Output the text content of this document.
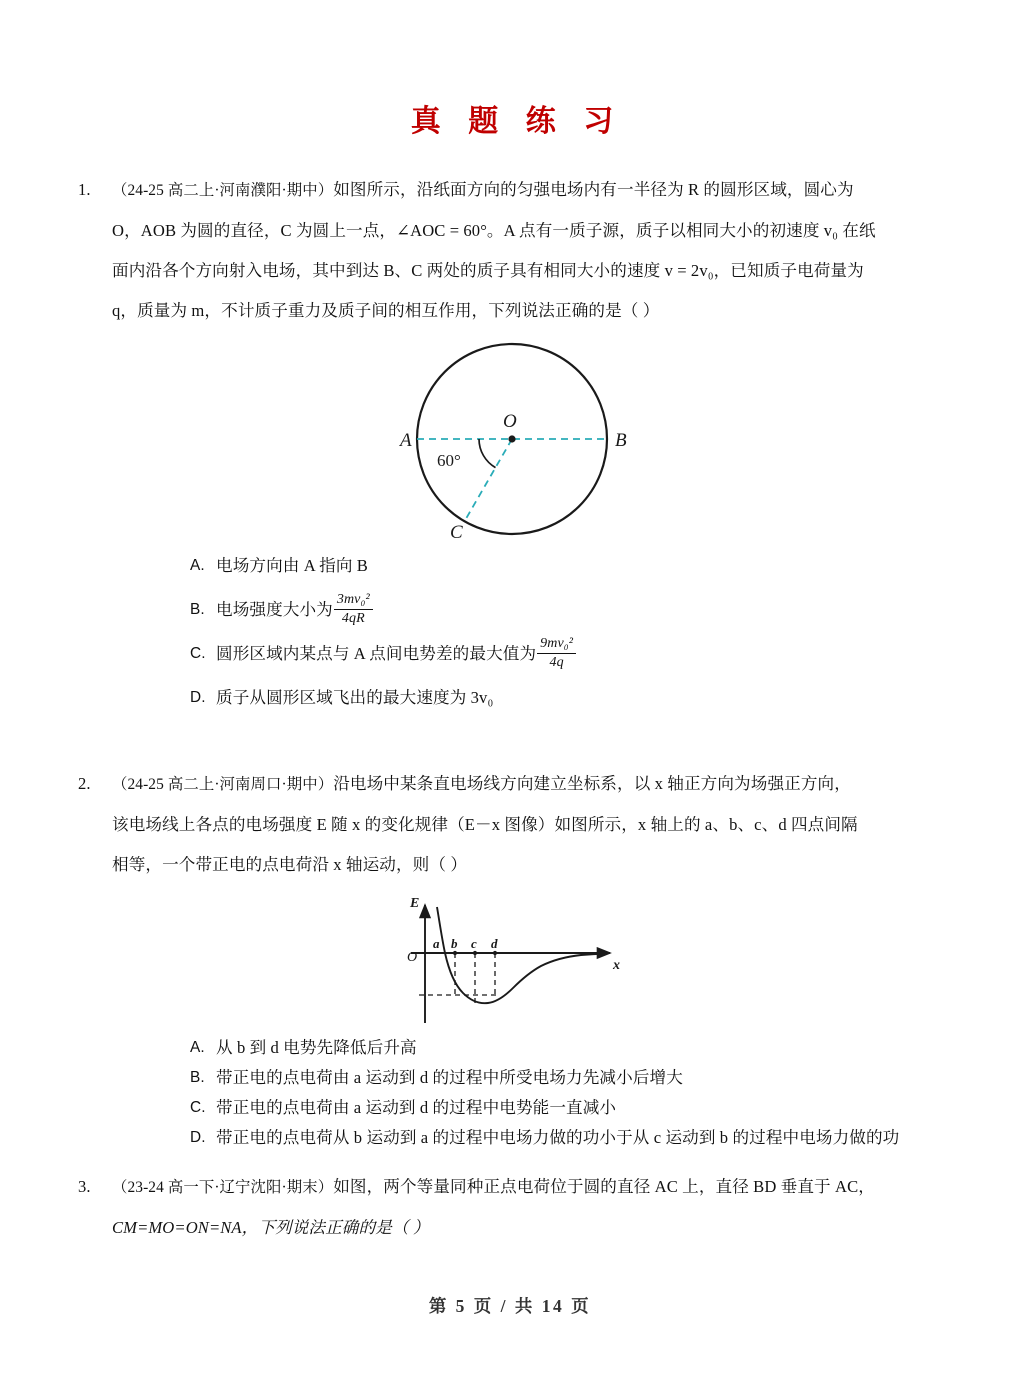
真 题 练 习
1.	（24-25 高二上·河南濮阳·期中）如图所示，沿纸面方向的匀强电场内有一半径为 R 的圆形区域，圆心为
O，AOB 为圆的直径，C 为圆上一点，∠AOC = 60°。A 点有一质子源，质子以相同大小的初速度 v₀ 在纸
面内沿各个方向射入电场，其中到达 B、C 两处的质子具有相同大小的速度 v = 2v₀，已知质子电荷量为
q，质量为 m，不计质子重力及质子间的相互作用，下列说法正确的是（ ）
A	B
C
O
60°
A. 电场方向由 A 指向 B
B. 电场强度大小为 $\frac{\text{3mv₀²}}{4qR}$
C. 圆形区域内某点与 A 点间电势差的最大值为 $\frac{\text{9mv₀²}}{4q}$
D. 质子从圆形区域飞出的最大速度为 3v₀
2.	（24-25 高二上·河南周口·期中）沿电场中某条直电场线方向建立坐标系，以 x 轴正方向为场强正方向，
该电场线上各点的电场强度 E 随 x 的变化规律（E－x 图像）如图所示，x 轴上的 a、b、c、d 四点间隔
相等，一个带正电的点电荷沿 x 轴运动，则（ ）
E
x
O
a b c d
A. 从 b 到 d 电势先降低后升高
B. 带正电的点电荷由 a 运动到 d 的过程中所受电场力先减小后增大
C. 带正电的点电荷由 a 运动到 d 的过程中电势能一直减小
D. 带正电的点电荷从 b 运动到 a 的过程中电场力做的功小于从 c 运动到 b 的过程中电场力做的功
3.	（23-24 高一下·辽宁沈阳·期末）如图，两个等量同种正点电荷位于圆的直径 AC 上，直径 BD 垂直于 AC，
CM=MO=ON=NA，下列说法正确的是（ ）
第 5 页 / 共 14 页
